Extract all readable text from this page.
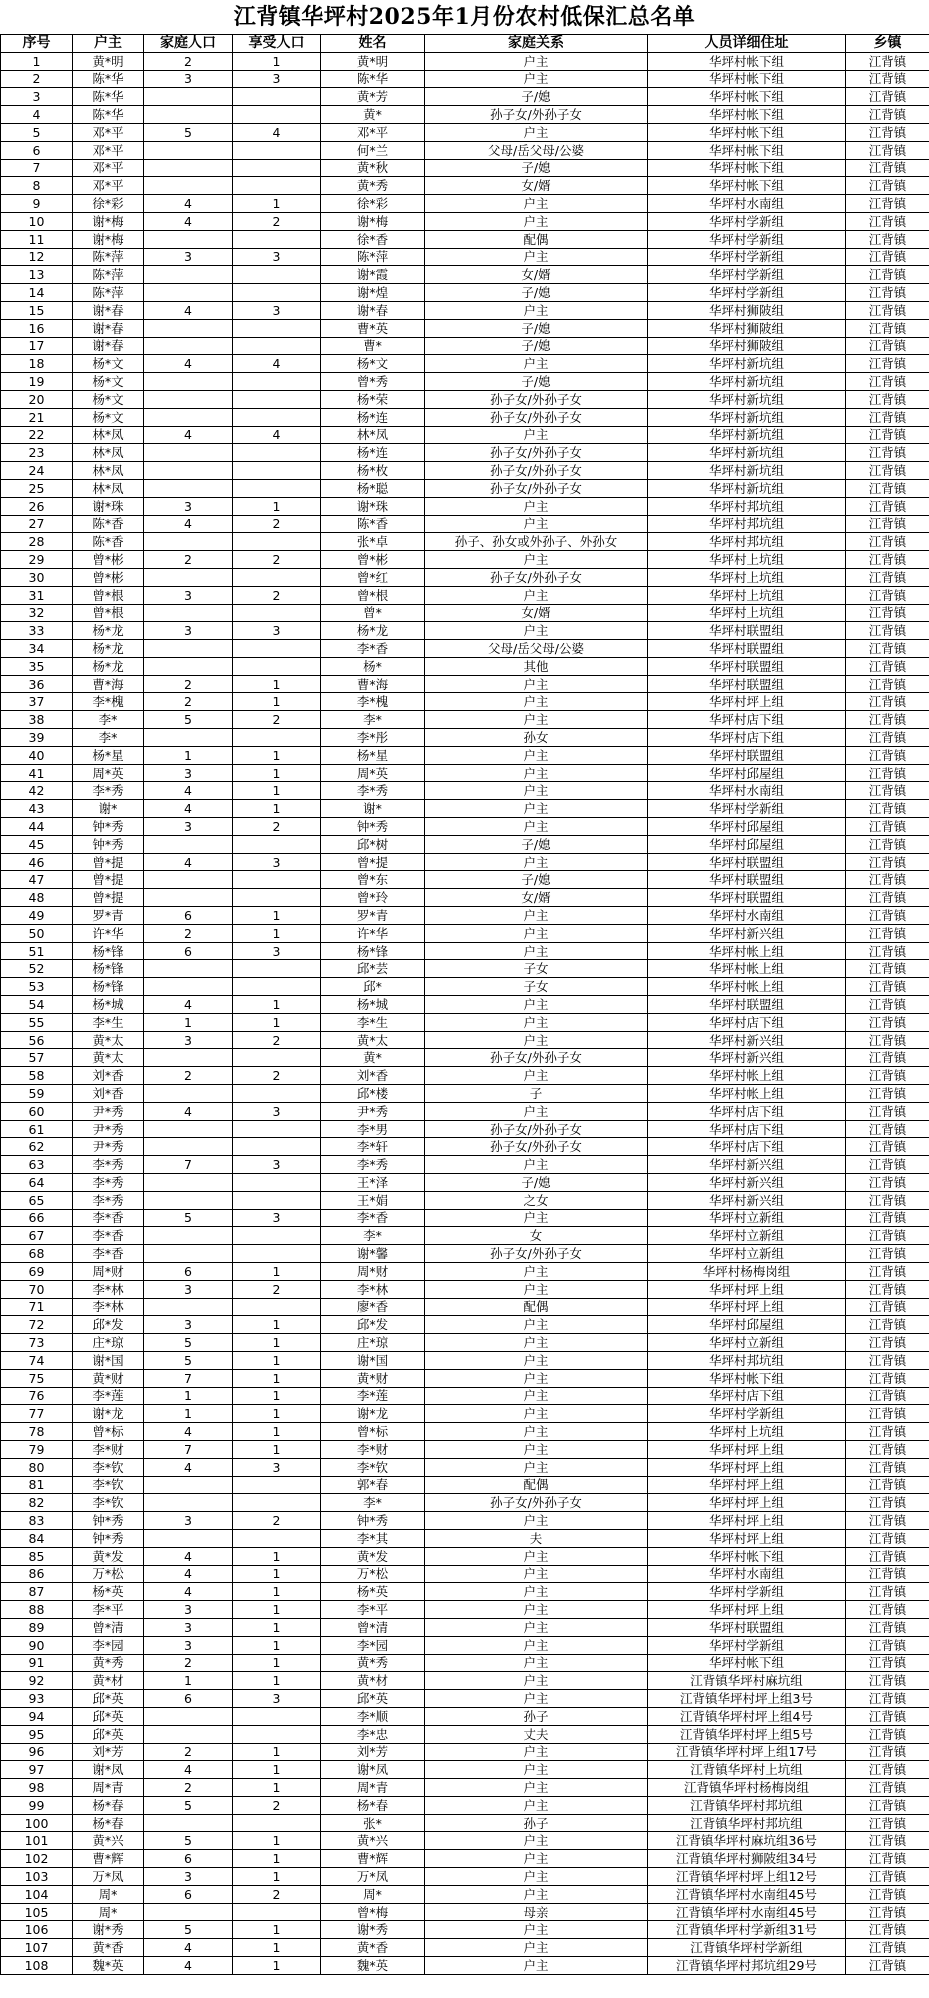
江背镇华坪村2025年1月份农村低保汇总名单
序号	户主	家庭人口	享受人口	姓名	家庭关系	人员详细住址	乡镇
1	黄*明	2	1	黄*明	户主	华坪村帐下组	江背镇
2	陈*华	3	3	陈*华	户主	华坪村帐下组	江背镇
3	陈*华			黄*芳	子/媳	华坪村帐下组	江背镇
4	陈*华			黄*	孙子女/外孙子女	华坪村帐下组	江背镇
5	邓*平	5	4	邓*平	户主	华坪村帐下组	江背镇
6	邓*平			何*兰	父母/岳父母/公婆	华坪村帐下组	江背镇
7	邓*平			黄*秋	子/媳	华坪村帐下组	江背镇
8	邓*平			黄*秀	女/婿	华坪村帐下组	江背镇
9	徐*彩	4	1	徐*彩	户主	华坪村水南组	江背镇
10	谢*梅	4	2	谢*梅	户主	华坪村学新组	江背镇
11	谢*梅			徐*香	配偶	华坪村学新组	江背镇
12	陈*萍	3	3	陈*萍	户主	华坪村学新组	江背镇
13	陈*萍			谢*霞	女/婿	华坪村学新组	江背镇
14	陈*萍			谢*煌	子/媳	华坪村学新组	江背镇
15	谢*春	4	3	谢*春	户主	华坪村狮陂组	江背镇
16	谢*春			曹*英	子/媳	华坪村狮陂组	江背镇
17	谢*春			曹*	子/媳	华坪村狮陂组	江背镇
18	杨*文	4	4	杨*文	户主	华坪村新坑组	江背镇
19	杨*文			曾*秀	子/媳	华坪村新坑组	江背镇
20	杨*文			杨*荣	孙子女/外孙子女	华坪村新坑组	江背镇
21	杨*文			杨*连	孙子女/外孙子女	华坪村新坑组	江背镇
22	林*凤	4	4	林*凤	户主	华坪村新坑组	江背镇
23	林*凤			杨*连	孙子女/外孙子女	华坪村新坑组	江背镇
24	林*凤			杨*枚	孙子女/外孙子女	华坪村新坑组	江背镇
25	林*凤			杨*聪	孙子女/外孙子女	华坪村新坑组	江背镇
26	谢*珠	3	1	谢*珠	户主	华坪村邦坑组	江背镇
27	陈*香	4	2	陈*香	户主	华坪村邦坑组	江背镇
28	陈*香			张*卓	孙子、孙女或外孙子、外孙女	华坪村邦坑组	江背镇
29	曾*彬	2	2	曾*彬	户主	华坪村上坑组	江背镇
30	曾*彬			曾*红	孙子女/外孙子女	华坪村上坑组	江背镇
31	曾*根	3	2	曾*根	户主	华坪村上坑组	江背镇
32	曾*根			曾*	女/婿	华坪村上坑组	江背镇
33	杨*龙	3	3	杨*龙	户主	华坪村联盟组	江背镇
34	杨*龙			李*香	父母/岳父母/公婆	华坪村联盟组	江背镇
35	杨*龙			杨*	其他	华坪村联盟组	江背镇
36	曹*海	2	1	曹*海	户主	华坪村联盟组	江背镇
37	李*槐	2	1	李*槐	户主	华坪村坪上组	江背镇
38	李*	5	2	李*	户主	华坪村店下组	江背镇
39	李*			李*彤	孙女	华坪村店下组	江背镇
40	杨*星	1	1	杨*星	户主	华坪村联盟组	江背镇
41	周*英	3	1	周*英	户主	华坪村邱屋组	江背镇
42	李*秀	4	1	李*秀	户主	华坪村水南组	江背镇
43	谢*	4	1	谢*	户主	华坪村学新组	江背镇
44	钟*秀	3	2	钟*秀	户主	华坪村邱屋组	江背镇
45	钟*秀			邱*树	子/媳	华坪村邱屋组	江背镇
46	曾*提	4	3	曾*提	户主	华坪村联盟组	江背镇
47	曾*提			曾*东	子/媳	华坪村联盟组	江背镇
48	曾*提			曾*玲	女/婿	华坪村联盟组	江背镇
49	罗*青	6	1	罗*青	户主	华坪村水南组	江背镇
50	许*华	2	1	许*华	户主	华坪村新兴组	江背镇
51	杨*锋	6	3	杨*锋	户主	华坪村帐上组	江背镇
52	杨*锋			邱*芸	子女	华坪村帐上组	江背镇
53	杨*锋			邱*	子女	华坪村帐上组	江背镇
54	杨*城	4	1	杨*城	户主	华坪村联盟组	江背镇
55	李*生	1	1	李*生	户主	华坪村店下组	江背镇
56	黄*太	3	2	黄*太	户主	华坪村新兴组	江背镇
57	黄*太			黄*	孙子女/外孙子女	华坪村新兴组	江背镇
58	刘*香	2	2	刘*香	户主	华坪村帐上组	江背镇
59	刘*香			邱*楼	子	华坪村帐上组	江背镇
60	尹*秀	4	3	尹*秀	户主	华坪村店下组	江背镇
61	尹*秀			李*男	孙子女/外孙子女	华坪村店下组	江背镇
62	尹*秀			李*轩	孙子女/外孙子女	华坪村店下组	江背镇
63	李*秀	7	3	李*秀	户主	华坪村新兴组	江背镇
64	李*秀			王*泽	子/媳	华坪村新兴组	江背镇
65	李*秀			王*娟	之女	华坪村新兴组	江背镇
66	李*香	5	3	李*香	户主	华坪村立新组	江背镇
67	李*香			李*	女	华坪村立新组	江背镇
68	李*香			谢*馨	孙子女/外孙子女	华坪村立新组	江背镇
69	周*财	6	1	周*财	户主	华坪村杨梅岗组	江背镇
70	李*林	3	2	李*林	户主	华坪村坪上组	江背镇
71	李*林			廖*香	配偶	华坪村坪上组	江背镇
72	邱*发	3	1	邱*发	户主	华坪村邱屋组	江背镇
73	庄*琼	5	1	庄*琼	户主	华坪村立新组	江背镇
74	谢*国	5	1	谢*国	户主	华坪村邦坑组	江背镇
75	黄*财	7	1	黄*财	户主	华坪村帐下组	江背镇
76	李*莲	1	1	李*莲	户主	华坪村店下组	江背镇
77	谢*龙	1	1	谢*龙	户主	华坪村学新组	江背镇
78	曾*标	4	1	曾*标	户主	华坪村上坑组	江背镇
79	李*财	7	1	李*财	户主	华坪村坪上组	江背镇
80	李*钦	4	3	李*钦	户主	华坪村坪上组	江背镇
81	李*钦			郭*春	配偶	华坪村坪上组	江背镇
82	李*钦			李*	孙子女/外孙子女	华坪村坪上组	江背镇
83	钟*秀	3	2	钟*秀	户主	华坪村坪上组	江背镇
84	钟*秀			李*其	夫	华坪村坪上组	江背镇
85	黄*发	4	1	黄*发	户主	华坪村帐下组	江背镇
86	万*松	4	1	万*松	户主	华坪村水南组	江背镇
87	杨*英	4	1	杨*英	户主	华坪村学新组	江背镇
88	李*平	3	1	李*平	户主	华坪村坪上组	江背镇
89	曾*清	3	1	曾*清	户主	华坪村联盟组	江背镇
90	李*园	3	1	李*园	户主	华坪村学新组	江背镇
91	黄*秀	2	1	黄*秀	户主	华坪村帐下组	江背镇
92	黄*材	1	1	黄*材	户主	江背镇华坪村麻坑组	江背镇
93	邱*英	6	3	邱*英	户主	江背镇华坪村坪上组3号	江背镇
94	邱*英			李*顺	孙子	江背镇华坪村坪上组4号	江背镇
95	邱*英			李*忠	丈夫	江背镇华坪村坪上组5号	江背镇
96	刘*芳	2	1	刘*芳	户主	江背镇华坪村坪上组17号	江背镇
97	谢*凤	4	1	谢*凤	户主	江背镇华坪村上坑组	江背镇
98	周*青	2	1	周*青	户主	江背镇华坪村杨梅岗组	江背镇
99	杨*春	5	2	杨*春	户主	江背镇华坪村邦坑组	江背镇
100	杨*春			张*	孙子	江背镇华坪村邦坑组	江背镇
101	黄*兴	5	1	黄*兴	户主	江背镇华坪村麻坑组36号	江背镇
102	曹*辉	6	1	曹*辉	户主	江背镇华坪村狮陂组34号	江背镇
103	万*凤	3	1	万*凤	户主	江背镇华坪村坪上组12号	江背镇
104	周*	6	2	周*	户主	江背镇华坪村水南组45号	江背镇
105	周*			曾*梅	母亲	江背镇华坪村水南组45号	江背镇
106	谢*秀	5	1	谢*秀	户主	江背镇华坪村学新组31号	江背镇
107	黄*香	4	1	黄*香	户主	江背镇华坪村学新组	江背镇
108	魏*英	4	1	魏*英	户主	江背镇华坪村邦坑组29号	江背镇
